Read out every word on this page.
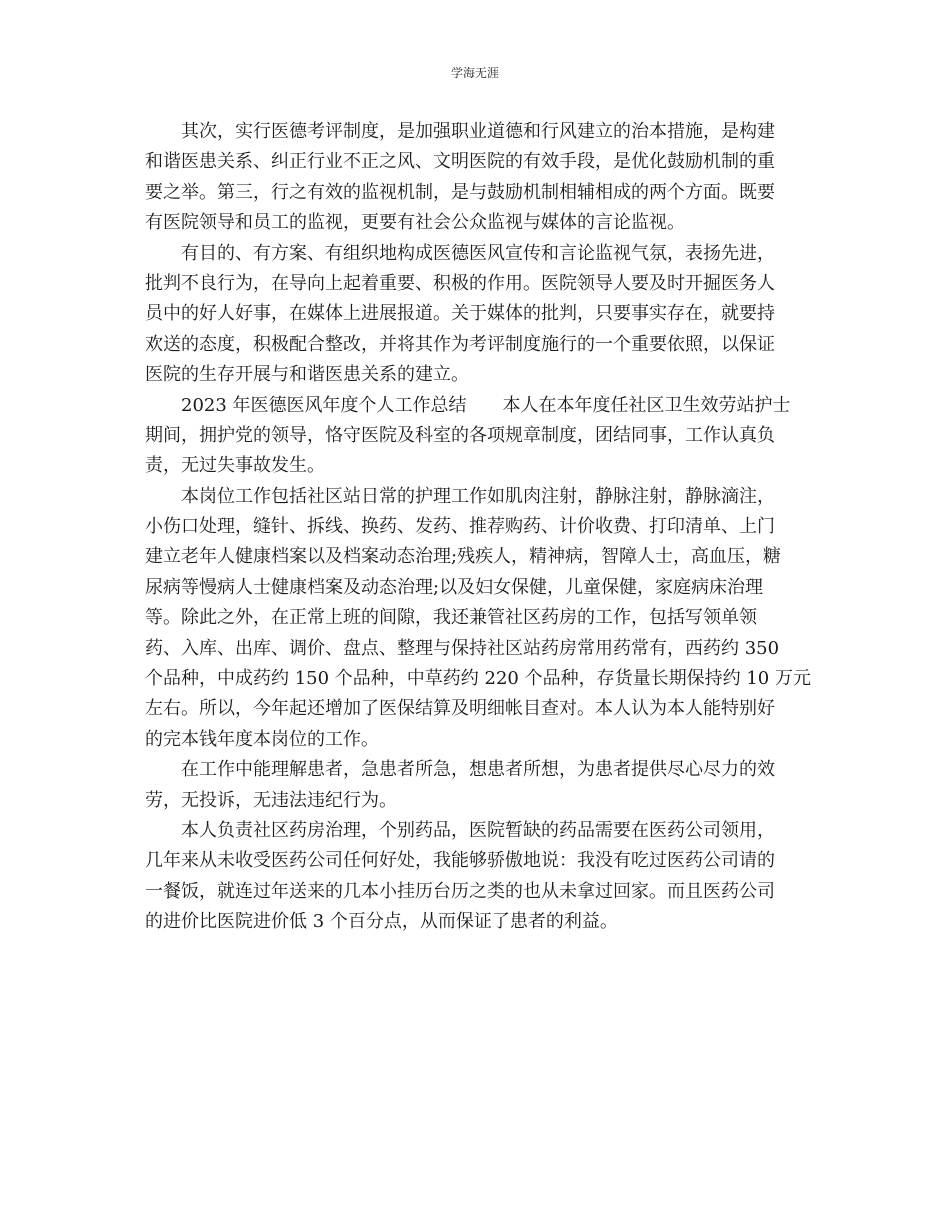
学海无涯
其次，实行医德考评制度，是加强职业道德和行风建立的治本措施，是构建
和谐医患关系、纠正行业不正之风、文明医院的有效手段，是优化鼓励机制的重
要之举。第三，行之有效的监视机制，是与鼓励机制相辅相成的两个方面。既要
有医院领导和员工的监视，更要有社会公众监视与媒体的言论监视。
有目的、有方案、有组织地构成医德医风宣传和言论监视气氛，表扬先进，
批判不良行为，在导向上起着重要、积极的作用。医院领导人要及时开掘医务人
员中的好人好事，在媒体上进展报道。关于媒体的批判，只要事实存在，就要持
欢送的态度，积极配合整改，并将其作为考评制度施行的一个重要依照，以保证
医院的生存开展与和谐医患关系的建立。
2023 年医德医风年度个人工作总结　　本人在本年度任社区卫生效劳站护士
期间，拥护党的领导，恪守医院及科室的各项规章制度，团结同事，工作认真负
责，无过失事故发生。
本岗位工作包括社区站日常的护理工作如肌肉注射，静脉注射，静脉滴注，
小伤口处理，缝针、拆线、换药、发药、推荐购药、计价收费、打印清单、上门
建立老年人健康档案以及档案动态治理;残疾人，精神病，智障人士，高血压，糖
尿病等慢病人士健康档案及动态治理;以及妇女保健，儿童保健，家庭病床治理
等。除此之外，在正常上班的间隙，我还兼管社区药房的工作，包括写领单领
药、入库、出库、调价、盘点、整理与保持社区站药房常用药常有，西药约 350
个品种，中成药约 150 个品种，中草药约 220 个品种，存货量长期保持约 10 万元
左右。所以，今年起还增加了医保结算及明细帐目查对。本人认为本人能特别好
的完本钱年度本岗位的工作。
在工作中能理解患者，急患者所急，想患者所想，为患者提供尽心尽力的效
劳，无投诉，无违法违纪行为。
本人负责社区药房治理，个别药品，医院暂缺的药品需要在医药公司领用，
几年来从未收受医药公司任何好处，我能够骄傲地说：我没有吃过医药公司请的
一餐饭，就连过年送来的几本小挂历台历之类的也从未拿过回家。而且医药公司
的进价比医院进价低 3 个百分点，从而保证了患者的利益。
